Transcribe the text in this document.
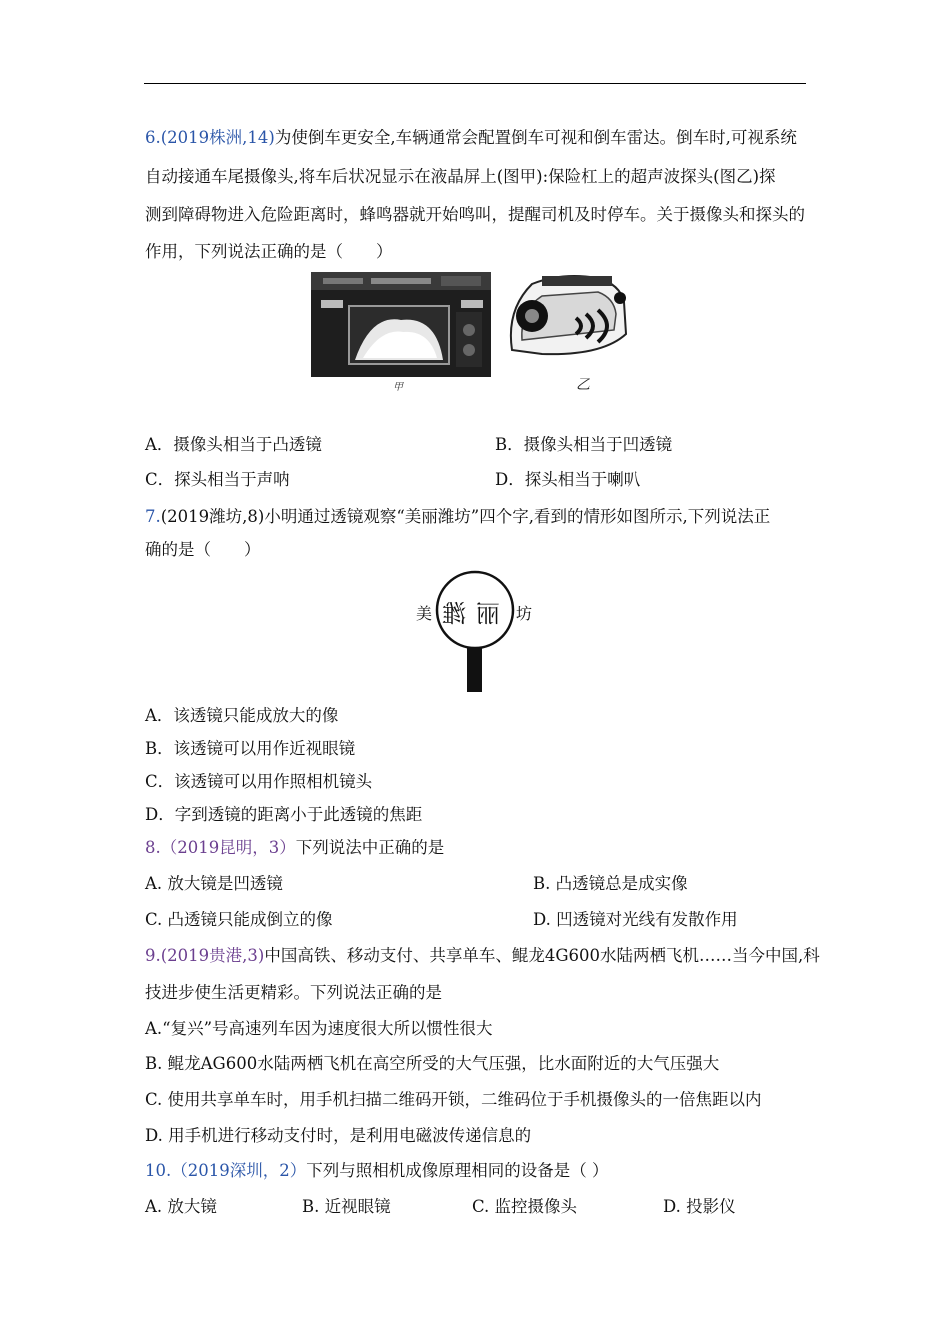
6.(2019株洲,14)为使倒车更安全,车辆通常会配置倒车可视和倒车雷达。倒车时,可视系统
自动接通车尾摄像头,将车后状况显示在液晶屏上(图甲):保险杠上的超声波探头(图乙)探
测到障碍物进入危险距离时，蜂鸣器就开始鸣叫，提醒司机及时停车。关于摄像头和探头的
作用，下列说法正确的是（　　）
甲	乙
A．摄像头相当于凸透镜	B．摄像头相当于凹透镜
C．探头相当于声呐	D．探头相当于喇叭
7.(2019潍坊,8)小明通过透镜观察“美丽潍坊”四个字,看到的情形如图所示,下列说法正
确的是（　　）
美	坊
潍 丽
A．该透镜只能成放大的像
B．该透镜可以用作近视眼镜
C．该透镜可以用作照相机镜头
D．字到透镜的距离小于此透镜的焦距
8.（2019昆明，3）下列说法中正确的是
A. 放大镜是凹透镜	B. 凸透镜总是成实像
C. 凸透镜只能成倒立的像	D. 凹透镜对光线有发散作用
9.(2019贵港,3)中国高铁、移动支付、共享单车、鲲龙4G600水陆两栖飞机……当今中国,科
技进步使生活更精彩。下列说法正确的是
A.“复兴”号高速列车因为速度很大所以惯性很大
B. 鲲龙AG600水陆两栖飞机在高空所受的大气压强，比水面附近的大气压强大
C. 使用共享单车时，用手机扫描二维码开锁，二维码位于手机摄像头的一倍焦距以内
D. 用手机进行移动支付时，是利用电磁波传递信息的
10.（2019深圳，2）下列与照相机成像原理相同的设备是（ ）
A. 放大镜	B. 近视眼镜	C. 监控摄像头	D. 投影仪
